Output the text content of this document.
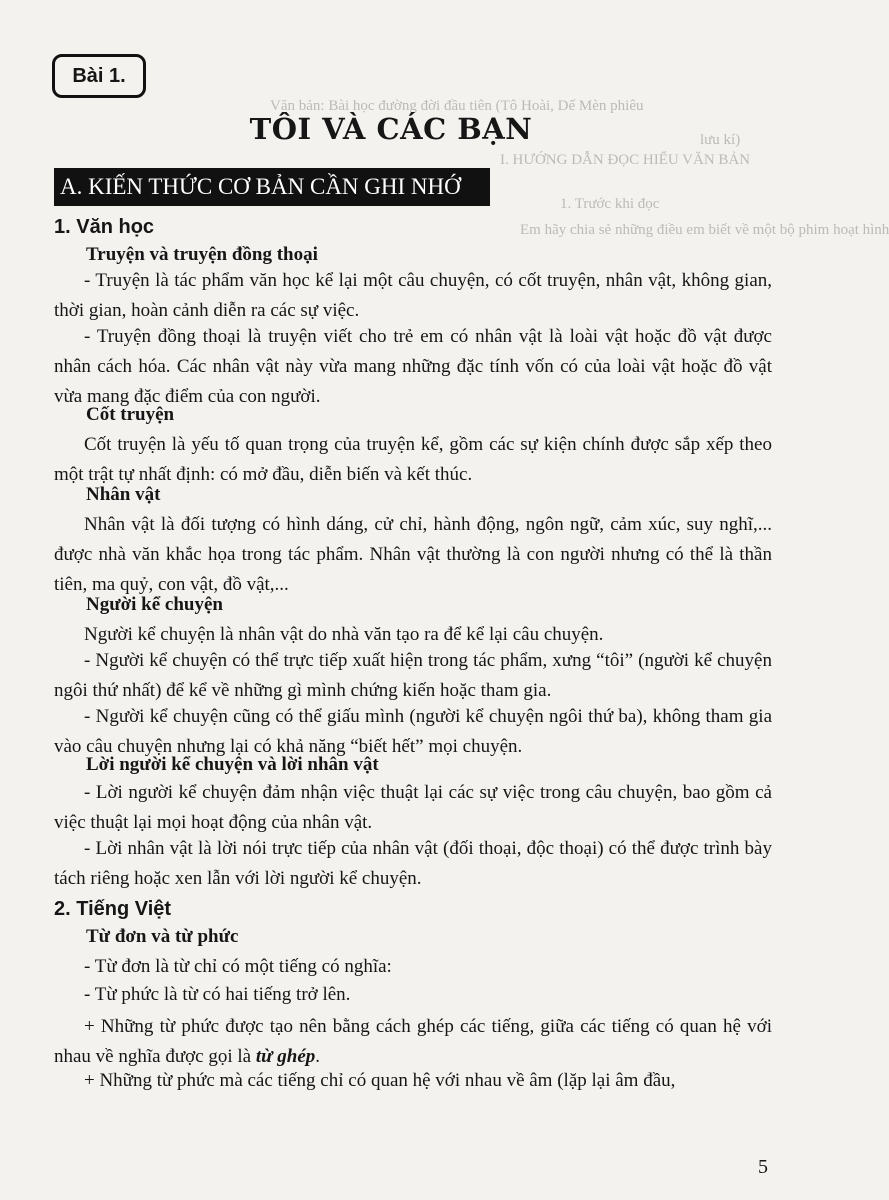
Văn bản: Bài học đường đời đầu tiên (Tô Hoài, Dế Mèn phiêu
lưu kí)
I. HƯỚNG DẪN ĐỌC HIỂU VĂN BẢN
1. Trước khi đọc
Em hãy chia sẻ những điều em biết về một bộ phim hoạt hình
Bài 1.
TÔI VÀ CÁC BẠN
A. KIẾN THỨC CƠ BẢN CẦN GHI NHỚ
1. Văn học
Truyện và truyện đồng thoại
- Truyện là tác phẩm văn học kể lại một câu chuyện, có cốt truyện, nhân vật, không gian, thời gian, hoàn cảnh diễn ra các sự việc.
- Truyện đồng thoại là truyện viết cho trẻ em có nhân vật là loài vật hoặc đồ vật được nhân cách hóa. Các nhân vật này vừa mang những đặc tính vốn có của loài vật hoặc đồ vật vừa mang đặc điểm của con người.
Cốt truyện
Cốt truyện là yếu tố quan trọng của truyện kể, gồm các sự kiện chính được sắp xếp theo một trật tự nhất định: có mở đầu, diễn biến và kết thúc.
Nhân vật
Nhân vật là đối tượng có hình dáng, cử chỉ, hành động, ngôn ngữ, cảm xúc, suy nghĩ,... được nhà văn khắc họa trong tác phẩm. Nhân vật thường là con người nhưng có thể là thần tiên, ma quỷ, con vật, đồ vật,...
Người kể chuyện
Người kể chuyện là nhân vật do nhà văn tạo ra để kể lại câu chuyện.
- Người kể chuyện có thể trực tiếp xuất hiện trong tác phẩm, xưng “tôi” (người kể chuyện ngôi thứ nhất) để kể về những gì mình chứng kiến hoặc tham gia.
- Người kể chuyện cũng có thể giấu mình (người kể chuyện ngôi thứ ba), không tham gia vào câu chuyện nhưng lại có khả năng “biết hết” mọi chuyện.
Lời người kể chuyện và lời nhân vật
- Lời người kể chuyện đảm nhận việc thuật lại các sự việc trong câu chuyện, bao gồm cả việc thuật lại mọi hoạt động của nhân vật.
- Lời nhân vật là lời nói trực tiếp của nhân vật (đối thoại, độc thoại) có thể được trình bày tách riêng hoặc xen lẫn với lời người kể chuyện.
2. Tiếng Việt
Từ đơn và từ phức
- Từ đơn là từ chỉ có một tiếng có nghĩa:
- Từ phức là từ có hai tiếng trở lên.
+ Những từ phức được tạo nên bằng cách ghép các tiếng, giữa các tiếng có quan hệ với nhau về nghĩa được gọi là từ ghép.
+ Những từ phức mà các tiếng chỉ có quan hệ với nhau về âm (lặp lại âm đầu,
5
